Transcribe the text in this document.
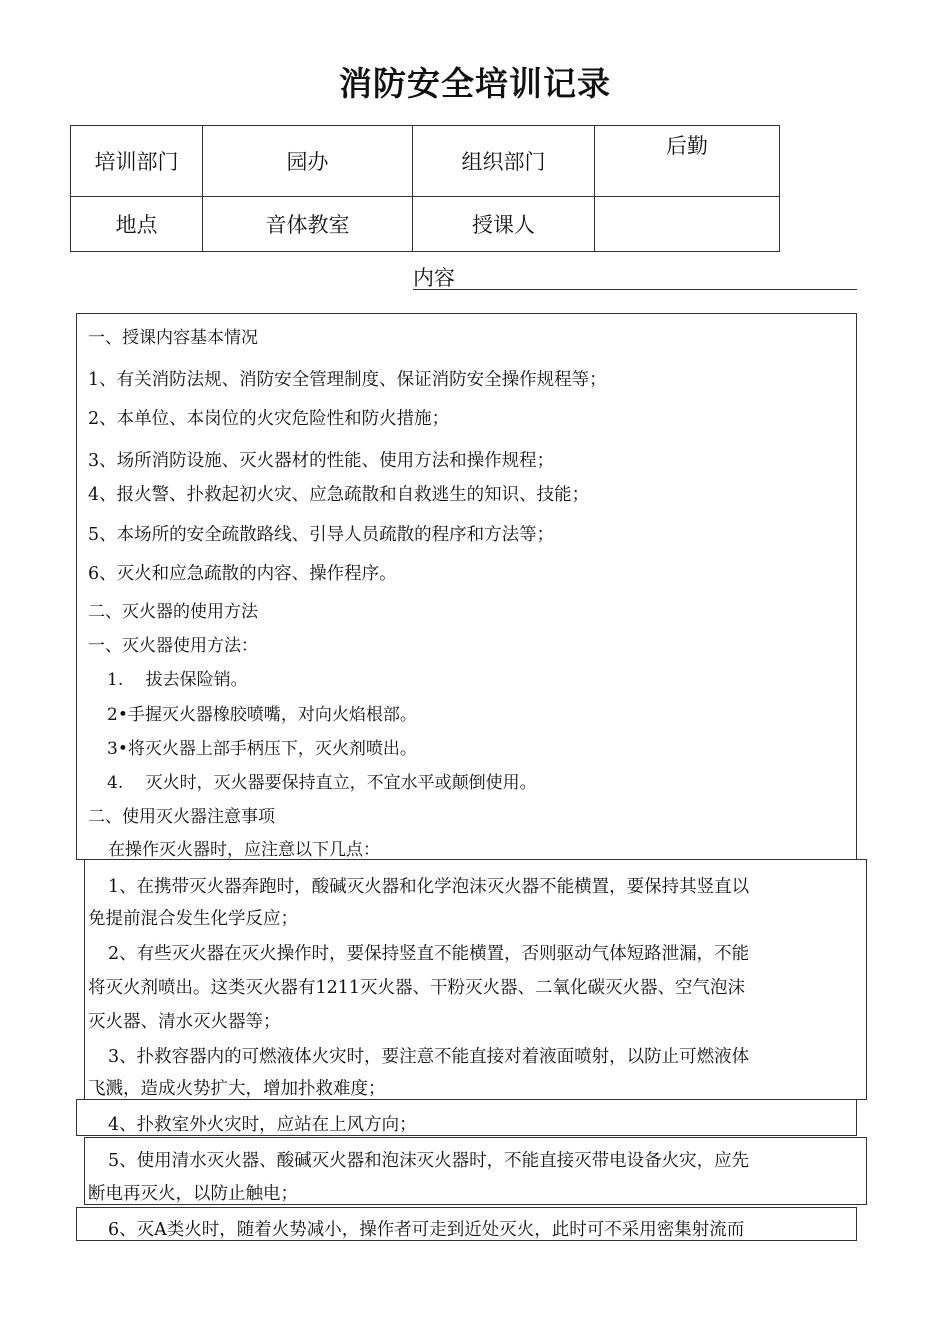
消防安全培训记录
培训部门	园办	组织部门	后勤
地点	音体教室	授课人	
内容
一、授课内容基本情况
1、有关消防法规、消防安全管理制度、保证消防安全操作规程等；
2、本单位、本岗位的火灾危险性和防火措施；
3、场所消防设施、灭火器材的性能、使用方法和操作规程；
4、报火警、扑救起初火灾、应急疏散和自救逃生的知识、技能；
5、本场所的安全疏散路线、引导人员疏散的程序和方法等；
6、灭火和应急疏散的内容、操作程序。
二、灭火器的使用方法
一、灭火器使用方法：
1.　 拔去保险销。
2•手握灭火器橡胶喷嘴，对向火焰根部。
3•将灭火器上部手柄压下，灭火剂喷出。
4.　 灭火时，灭火器要保持直立，不宜水平或颠倒使用。
二、使用灭火器注意事项
在操作灭火器时，应注意以下几点：
1、在携带灭火器奔跑时，酸碱灭火器和化学泡沫灭火器不能横置，要保持其竖直以
免提前混合发生化学反应；
2、有些灭火器在灭火操作时，要保持竖直不能横置，否则驱动气体短路泄漏，不能
将灭火剂喷出。这类灭火器有1211灭火器、干粉灭火器、二氧化碳灭火器、空气泡沫
灭火器、清水灭火器等；
3、扑救容器内的可燃液体火灾时，要注意不能直接对着液面喷射，以防止可燃液体
飞溅，造成火势扩大，增加扑救难度；
4、扑救室外火灾时，应站在上风方向；
5、使用清水灭火器、酸碱灭火器和泡沫灭火器时，不能直接灭带电设备火灾，应先
断电再灭火，以防止触电；
6、灭A类火时，随着火势减小，操作者可走到近处灭火，此时可不采用密集射流而
